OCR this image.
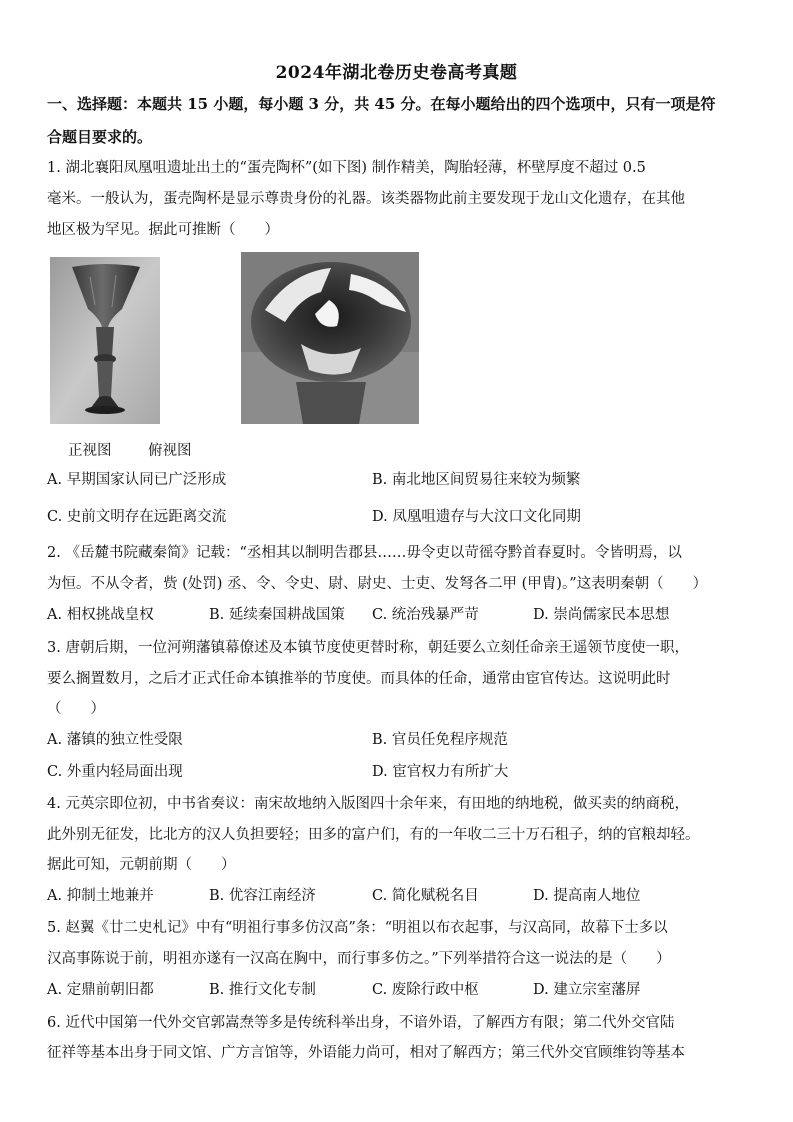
2024年湖北卷历史卷高考真题
一、选择题：本题共 15 小题，每小题 3 分，共 45 分。在每小题给出的四个选项中，只有一项是符
合题目要求的。
1. 湖北襄阳凤凰咀遗址出土的“蛋壳陶杯”(如下图) 制作精美，陶胎轻薄，杯壁厚度不超过 0.5
毫米。一般认为，蛋壳陶杯是显示尊贵身份的礼器。该类器物此前主要发现于龙山文化遗存，在其他
地区极为罕见。据此可推断（　　）
正视图	俯视图
A. 早期国家认同已广泛形成	B. 南北地区间贸易往来较为频繁
C. 史前文明存在远距离交流	D. 凤凰咀遗存与大汶口文化同期
2. 《岳麓书院藏秦简》记载：“丞相其以制明告郡县……毋令吏以苛徭夺黔首春夏时。令皆明焉，以
为恒。不从令者，赀 (处罚) 丞、令、令史、尉、尉史、士吏、发弩各二甲 (甲胄)。”这表明秦朝（　　）
A. 相权挑战皇权	B. 延续秦国耕战国策 C. 统治残暴严苛	D. 崇尚儒家民本思想
3. 唐朝后期，一位河朔藩镇幕僚述及本镇节度使更替时称，朝廷要么立刻任命亲王遥领节度使一职，
要么搁置数月，之后才正式任命本镇推举的节度使。而具体的任命，通常由宦官传达。这说明此时
（　　）
A. 藩镇的独立性受限	B. 官员任免程序规范
C. 外重内轻局面出现	D. 宦官权力有所扩大
4. 元英宗即位初，中书省奏议：南宋故地纳入版图四十余年来，有田地的纳地税，做买卖的纳商税，
此外别无征发，比北方的汉人负担要轻；田多的富户们，有的一年收二三十万石租子，纳的官粮却轻。
据此可知，元朝前期（　　）
A. 抑制土地兼并	B. 优容江南经济	C. 简化赋税名目	D. 提高南人地位
5. 赵翼《廿二史札记》中有“明祖行事多仿汉高”条：“明祖以布衣起事，与汉高同，故幕下士多以
汉高事陈说于前，明祖亦遂有一汉高在胸中，而行事多仿之。”下列举措符合这一说法的是（　　）
A. 定鼎前朝旧都	B. 推行文化专制	C. 废除行政中枢	D. 建立宗室藩屏
6. 近代中国第一代外交官郭嵩焘等多是传统科举出身，不谙外语，了解西方有限；第二代外交官陆
征祥等基本出身于同文馆、广方言馆等，外语能力尚可，相对了解西方；第三代外交官顾维钧等基本
